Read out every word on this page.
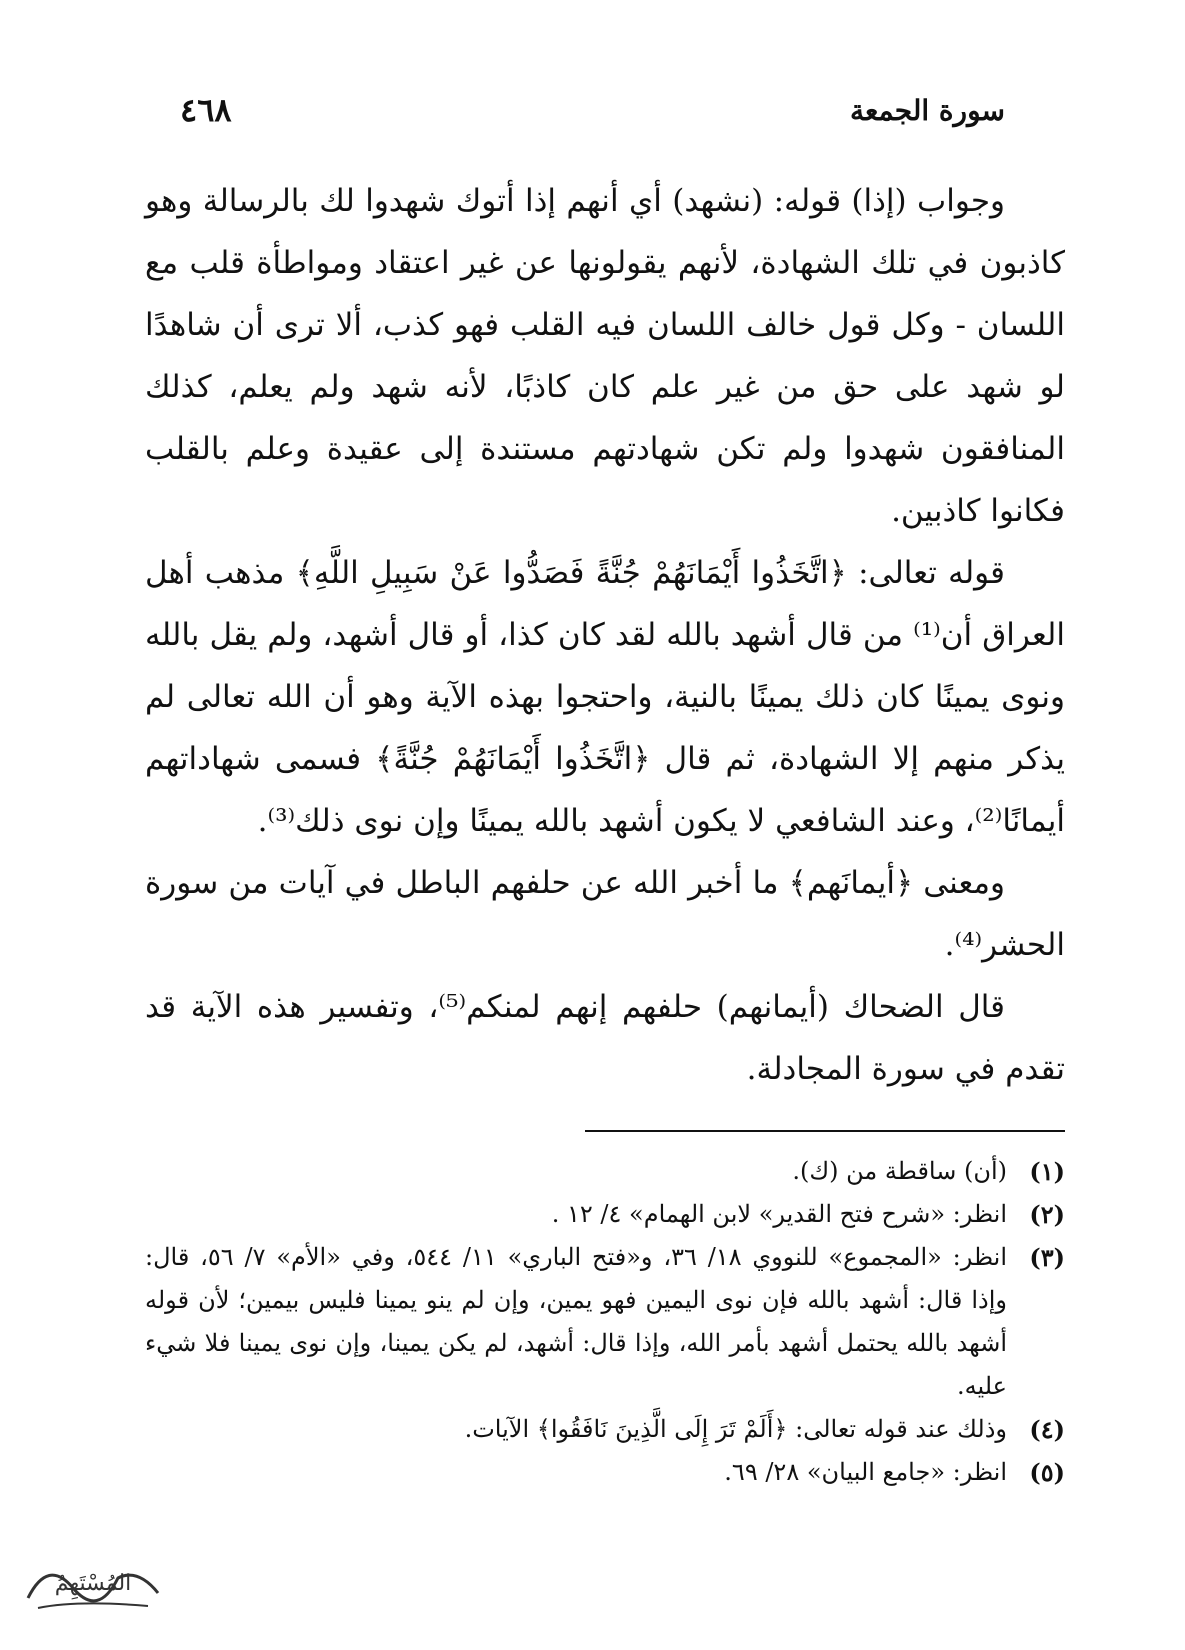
سورة الجمعة
٤٦٨

وجواب (إذا) قوله: (نشهد) أي أنهم إذا أتوك شهدوا لك بالرسالة وهو كاذبون في تلك الشهادة، لأنهم يقولونها عن غير اعتقاد ومواطأة قلب مع اللسان - وكل قول خالف اللسان فيه القلب فهو كذب، ألا ترى أن شاهدًا لو شهد على حق من غير علم كان كاذبًا، لأنه شهد ولم يعلم، كذلك المنافقون شهدوا ولم تكن شهادتهم مستندة إلى عقيدة وعلم بالقلب فكانوا كاذبين.

قوله تعالى: ﴿اتَّخَذُوا أَيْمَانَهُمْ جُنَّةً فَصَدُّوا عَنْ سَبِيلِ اللَّهِ﴾ مذهب أهل العراق أن⁽¹⁾ من قال أشهد بالله لقد كان كذا، أو قال أشهد، ولم يقل بالله ونوى يمينًا كان ذلك يمينًا بالنية، واحتجوا بهذه الآية وهو أن الله تعالى لم يذكر منهم إلا الشهادة، ثم قال ﴿اتَّخَذُوا أَيْمَانَهُمْ جُنَّةً﴾ فسمى شهاداتهم أيمانًا⁽²⁾، وعند الشافعي لا يكون أشهد بالله يمينًا وإن نوى ذلك⁽³⁾.

ومعنى ﴿أيمانَهم﴾ ما أخبر الله عن حلفهم الباطل في آيات من سورة الحشر⁽⁴⁾.

قال الضحاك (أيمانهم) حلفهم إنهم لمنكم⁽⁵⁾، وتفسير هذه الآية قد تقدم في سورة المجادلة.

(١)
(أن) ساقطة من (ك).
(٢)
انظر: «شرح فتح القدير» لابن الهمام» ٤/ ١٢ .
(٣)
انظر: «المجموع» للنووي ١٨/ ٣٦، و«فتح الباري» ١١/ ٥٤٤، وفي «الأم» ٧/ ٥٦، قال: وإذا قال: أشهد بالله فإن نوى اليمين فهو يمين، وإن لم ينو يمينا فليس بيمين؛ لأن قوله أشهد بالله يحتمل أشهد بأمر الله، وإذا قال: أشهد، لم يكن يمينا، وإن نوى يمينا فلا شيء عليه.
(٤)
وذلك عند قوله تعالى: ﴿أَلَمْ تَرَ إِلَى الَّذِينَ نَافَقُوا﴾ الآيات.
(٥)
انظر: «جامع البيان» ٢٨/ ٦٩.
المُسْتَهِمُ
